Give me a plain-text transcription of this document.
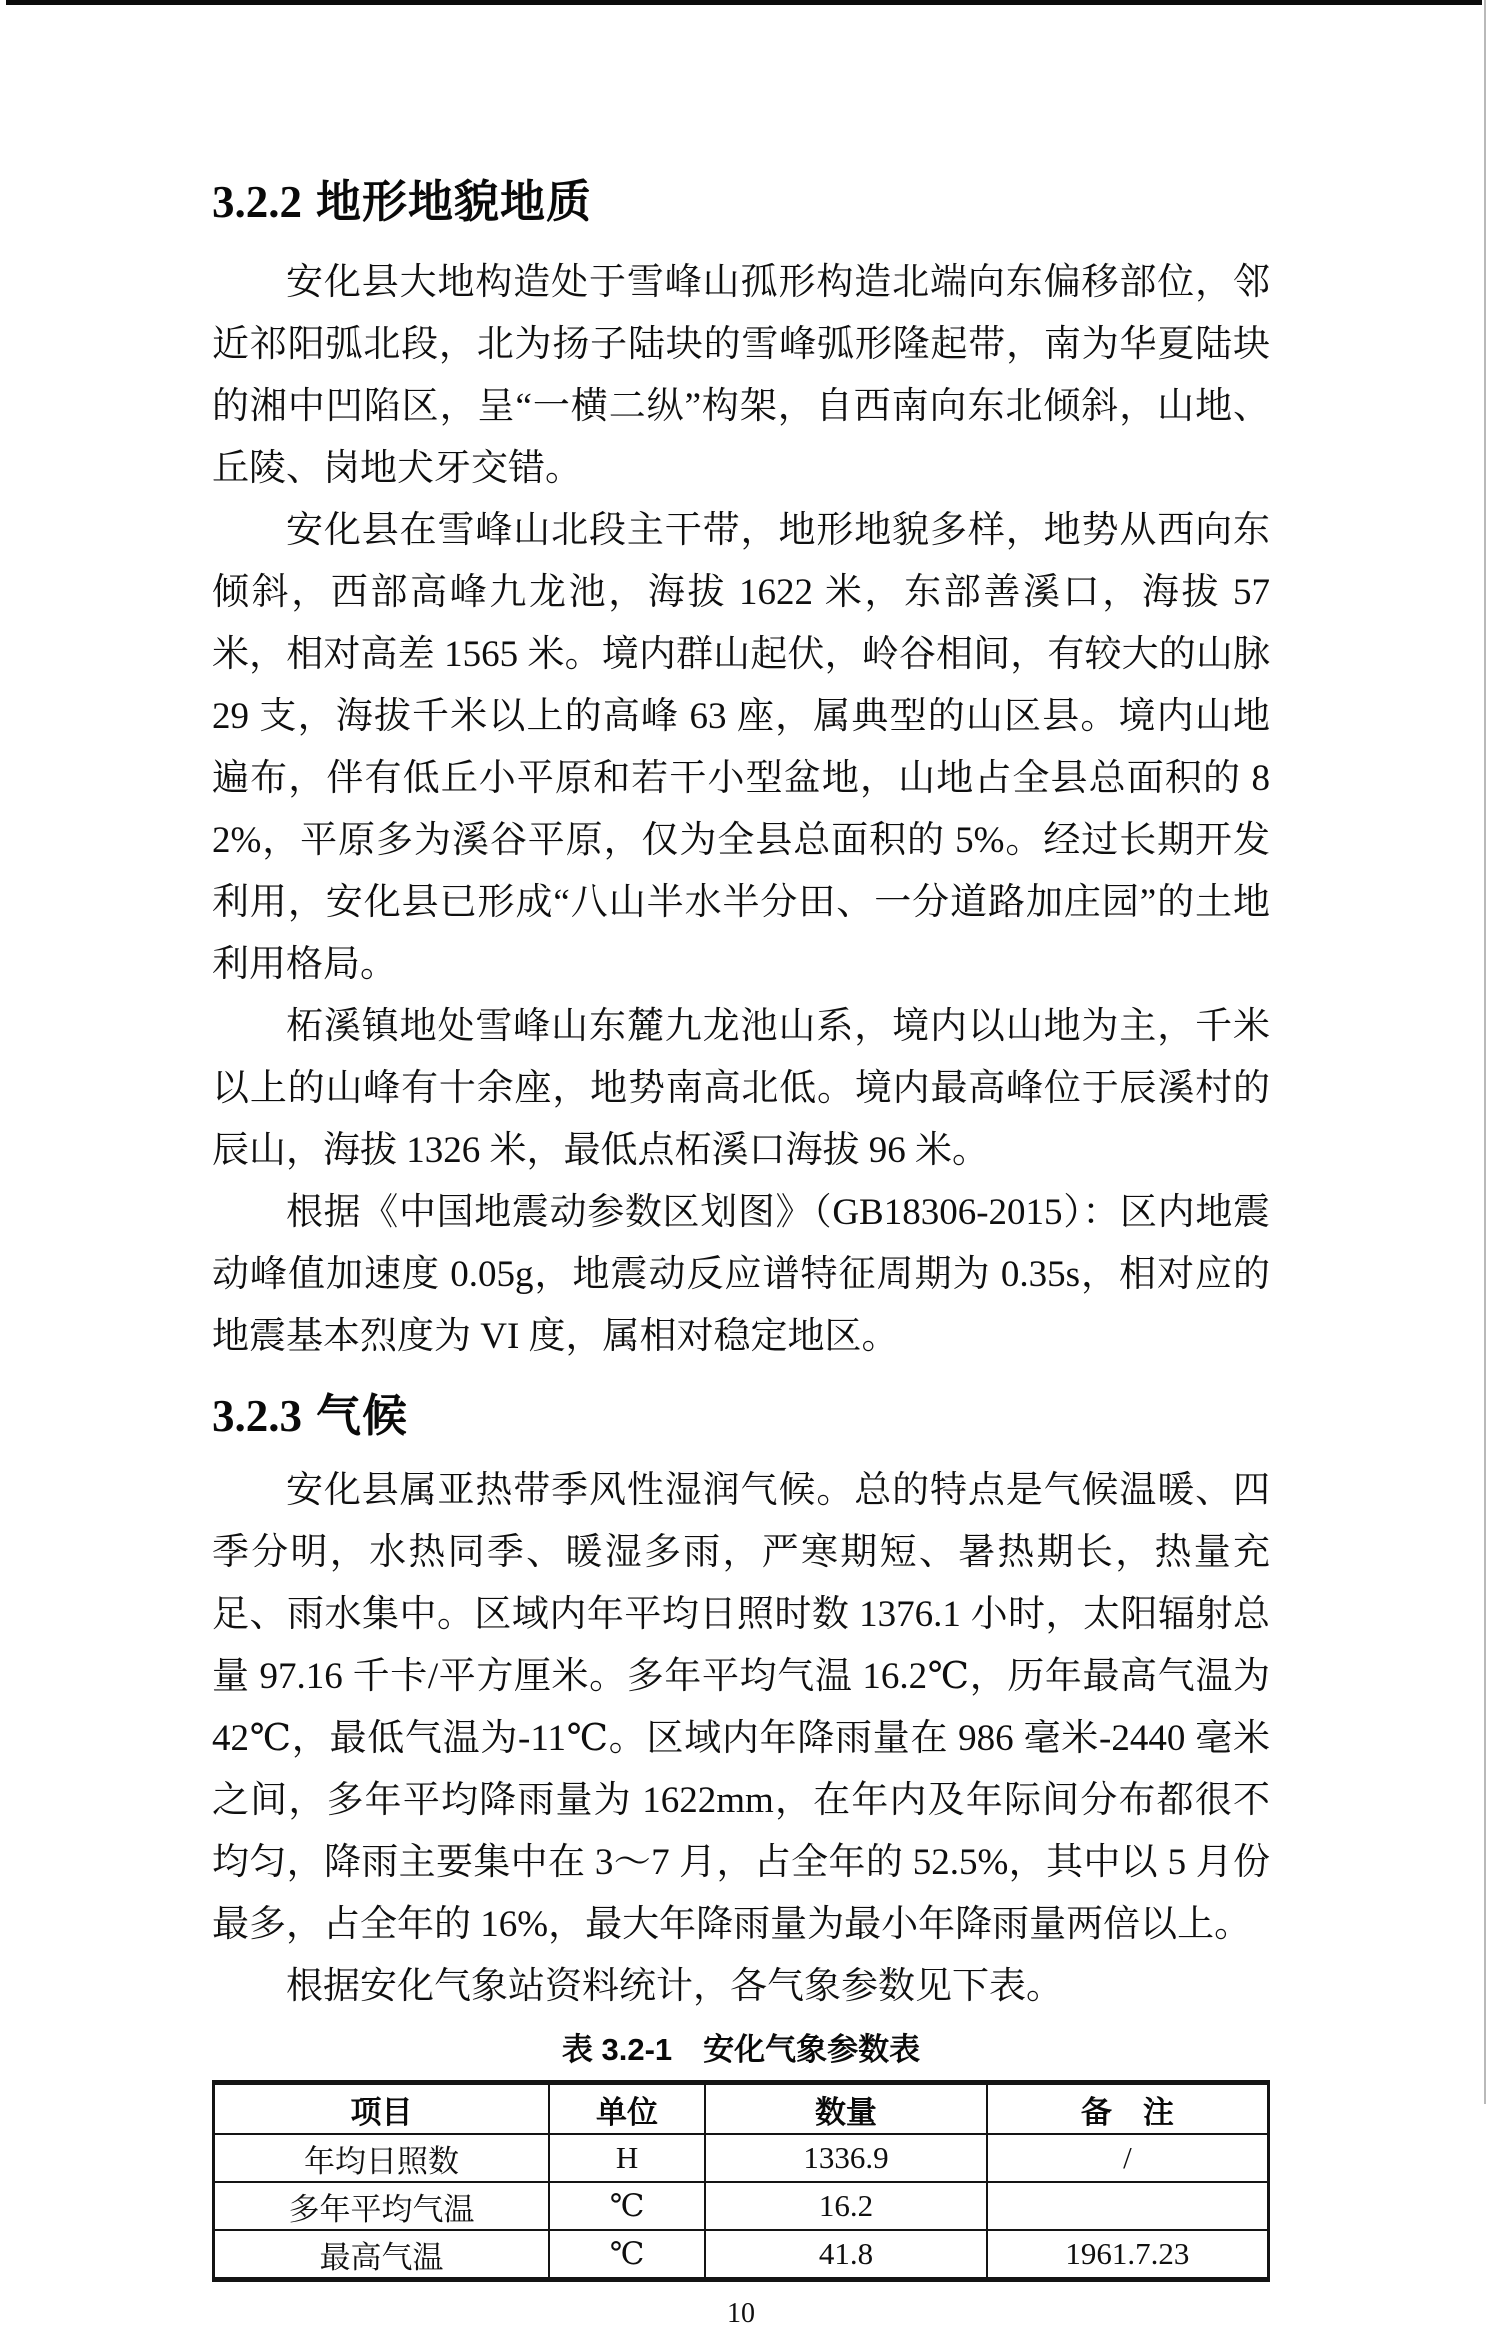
3.2.2 地形地貌地质

安化县大地构造处于雪峰山孤形构造北端向东偏移部位，邻近祁阳弧北段，北为扬子陆块的雪峰弧形隆起带，南为华夏陆块的湘中凹陷区，呈“一横二纵”构架，自西南向东北倾斜，山地、丘陵、岗地犬牙交错。

安化县在雪峰山北段主干带，地形地貌多样，地势从西向东倾斜，西部高峰九龙池，海拔 1622 米，东部善溪口，海拔 57 米，相对高差 1565 米。境内群山起伏，岭谷相间，有较大的山脉 29 支，海拔千米以上的高峰 63 座，属典型的山区县。境内山地遍布，伴有低丘小平原和若干小型盆地，山地占全县总面积的 82%，平原多为溪谷平原，仅为全县总面积的 5%。经过长期开发利用，安化县已形成“八山半水半分田、一分道路加庄园”的土地利用格局。

柘溪镇地处雪峰山东麓九龙池山系，境内以山地为主，千米以上的山峰有十余座，地势南高北低。境内最高峰位于辰溪村的辰山，海拔 1326 米，最低点柘溪口海拔 96 米。

根据《中国地震动参数区划图》（GB18306-2015）：区内地震动峰值加速度 0.05g，地震动反应谱特征周期为 0.35s，相对应的地震基本烈度为 VI 度，属相对稳定地区。

3.2.3 气候

安化县属亚热带季风性湿润气候。总的特点是气候温暖、四季分明，水热同季、暖湿多雨，严寒期短、暑热期长，热量充足、雨水集中。区域内年平均日照时数 1376.1 小时，太阳辐射总量 97.16 千卡/平方厘米。多年平均气温 16.2℃，历年最高气温为 42℃，最低气温为-11℃。区域内年降雨量在 986 毫米-2440 毫米之间，多年平均降雨量为 1622mm，在年内及年际间分布都很不均匀，降雨主要集中在 3～7 月，占全年的 52.5%，其中以 5 月份最多，占全年的 16%，最大年降雨量为最小年降雨量两倍以上。

根据安化气象站资料统计，各气象参数见下表。

表 3.2-1　安化气象参数表
项目	单位	数量	备　注
年均日照数	H	1336.9	/
多年平均气温	℃	16.2	
最高气温	℃	41.8	1961.7.23
10
